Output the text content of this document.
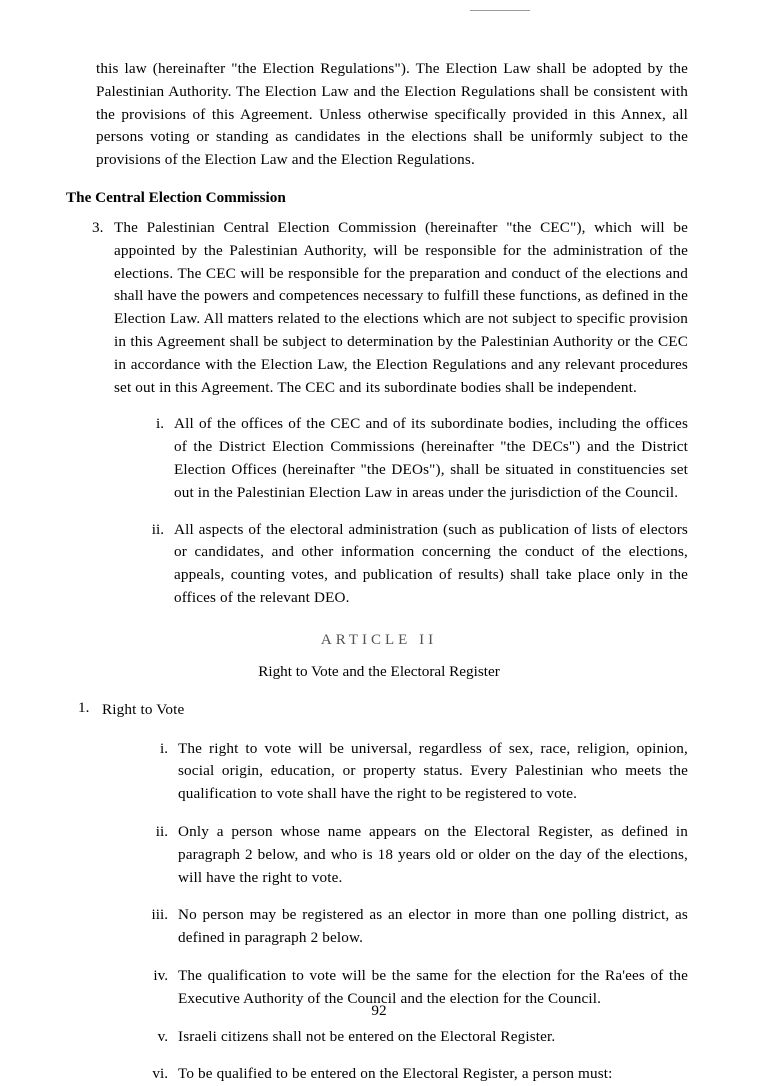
this law (hereinafter "the Election Regulations"). The Election Law shall be adopted by the Palestinian Authority. The Election Law and the Election Regulations shall be consistent with the provisions of this Agreement. Unless otherwise specifically provided in this Annex, all persons voting or standing as candidates in the elections shall be uniformly subject to the provisions of the Election Law and the Election Regulations.

The Central Election Commission

3. The Palestinian Central Election Commission (hereinafter "the CEC"), which will be appointed by the Palestinian Authority, will be responsible for the administration of the elections. The CEC will be responsible for the preparation and conduct of the elections and shall have the powers and competences necessary to fulfill these functions, as defined in the Election Law. All matters related to the elections which are not subject to specific provision in this Agreement shall be subject to determination by the Palestinian Authority or the CEC in accordance with the Election Law, the Election Regulations and any relevant procedures set out in this Agreement. The CEC and its subordinate bodies shall be independent.
i. All of the offices of the CEC and of its subordinate bodies, including the offices of the District Election Commissions (hereinafter "the DECs") and the District Election Offices (hereinafter "the DEOs"), shall be situated in constituencies set out in the Palestinian Election Law in areas under the jurisdiction of the Council.
ii. All aspects of the electoral administration (such as publication of lists of electors or candidates, and other information concerning the conduct of the elections, appeals, counting votes, and publication of results) shall take place only in the offices of the relevant DEO.

ARTICLE II

Right to Vote and the Electoral Register

1. Right to Vote
i. The right to vote will be universal, regardless of sex, race, religion, opinion, social origin, education, or property status. Every Palestinian who meets the qualification to vote shall have the right to be registered to vote.
ii. Only a person whose name appears on the Electoral Register, as defined in paragraph 2 below, and who is 18 years old or older on the day of the elections, will have the right to vote.
iii. No person may be registered as an elector in more than one polling district, as defined in paragraph 2 below.
iv. The qualification to vote will be the same for the election for the Ra'ees of the Executive Authority of the Council and the election for the Council.
v. Israeli citizens shall not be entered on the Electoral Register.
vi. To be qualified to be entered on the Electoral Register, a person must:
92
